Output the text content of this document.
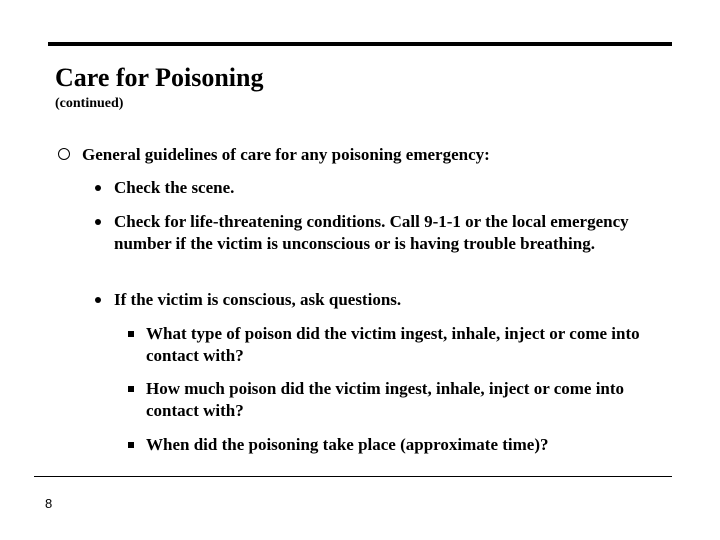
Care for Poisoning
(continued)
General guidelines of care for any poisoning emergency:
Check the scene.
Check for life-threatening conditions. Call 9-1-1 or the local emergency number if the victim is unconscious or is having trouble breathing.
If the victim is conscious, ask questions.
What type of poison did the victim ingest, inhale, inject or come into contact with?
How much poison did the victim ingest, inhale, inject or come into contact with?
When did the poisoning take place (approximate time)?
8
